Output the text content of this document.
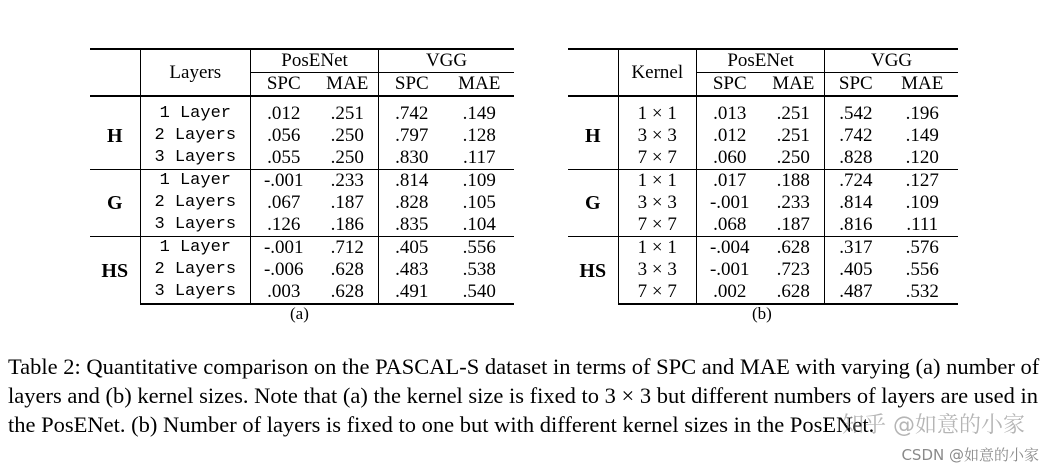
	Layers	PosENet		VGG	
		SPC	MAE	SPC	MAE

H	1 Layer	.012	.251	.742	.149
	2 Layers	.056	.250	.797	.128
	3 Layers	.055	.250	.830	.117
G	1 Layer	-.001	.233	.814	.109
	2 Layers	.067	.187	.828	.105
	3 Layers	.126	.186	.835	.104
HS	1 Layer	-.001	.712	.405	.556
	2 Layers	-.006	.628	.483	.538
	3 Layers	.003	.628	.491	.540
(a)
	Kernel	PosENet		VGG	
		SPC	MAE	SPC	MAE

H	1 × 1	.013	.251	.542	.196
	3 × 3	.012	.251	.742	.149
	7 × 7	.060	.250	.828	.120
G	1 × 1	.017	.188	.724	.127
	3 × 3	-.001	.233	.814	.109
	7 × 7	.068	.187	.816	.111
HS	1 × 1	-.004	.628	.317	.576
	3 × 3	-.001	.723	.405	.556
	7 × 7	.002	.628	.487	.532
(b)
Table 2: Quantitative comparison on the PASCAL-S dataset in terms of SPC and MAE with varying (a) number of layers and (b) kernel sizes. Note that (a) the kernel size is fixed to 3 × 3 but different numbers of layers are used in the PosENet. (b) Number of layers is fixed to one but with different kernel sizes in the PosENet.
知乎 @如意的小家
CSDN @如意的小家
